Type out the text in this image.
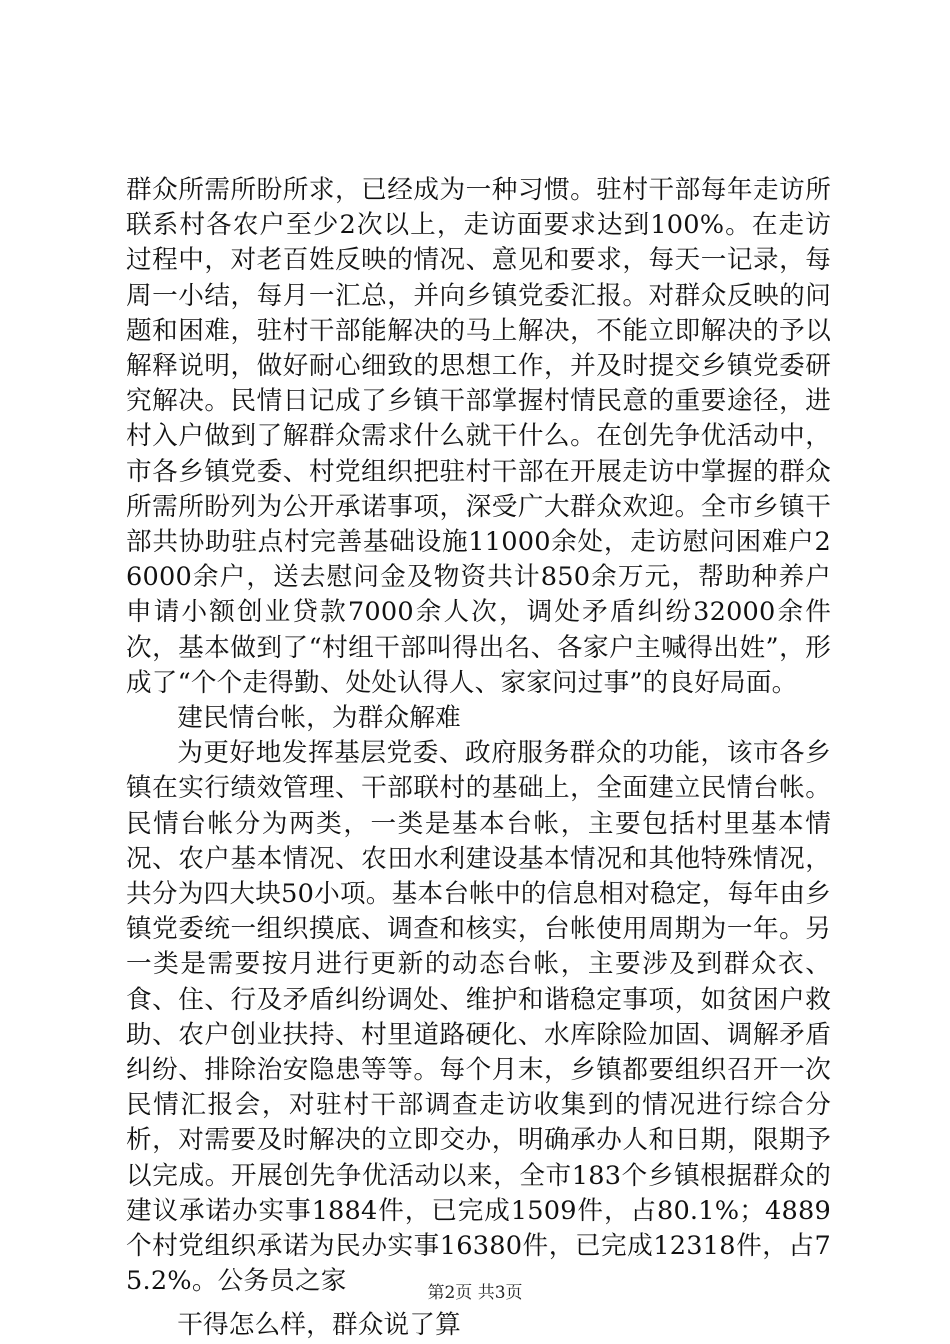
群众所需所盼所求，已经成为一种习惯。驻村干部每年走访所联系村各农户至少2次以上，走访面要求达到100%。在走访过程中，对老百姓反映的情况、意见和要求，每天一记录，每周一小结，每月一汇总，并向乡镇党委汇报。对群众反映的问题和困难，驻村干部能解决的马上解决，不能立即解决的予以解释说明，做好耐心细致的思想工作，并及时提交乡镇党委研究解决。民情日记成了乡镇干部掌握村情民意的重要途径，进村入户做到了解群众需求什么就干什么。在创先争优活动中，市各乡镇党委、村党组织把驻村干部在开展走访中掌握的群众所需所盼列为公开承诺事项，深受广大群众欢迎。全市乡镇干部共协助驻点村完善基础设施11000余处，走访慰问困难户26000余户，送去慰问金及物资共计850余万元，帮助种养户申请小额创业贷款7000余人次，调处矛盾纠纷32000余件次，基本做到了“村组干部叫得出名、各家户主喊得出姓”，形成了“个个走得勤、处处认得人、家家问过事”的良好局面。

建民情台帐，为群众解难

为更好地发挥基层党委、政府服务群众的功能，该市各乡镇在实行绩效管理、干部联村的基础上，全面建立民情台帐。民情台帐分为两类，一类是基本台帐，主要包括村里基本情况、农户基本情况、农田水利建设基本情况和其他特殊情况，共分为四大块50小项。基本台帐中的信息相对稳定，每年由乡镇党委统一组织摸底、调查和核实，台帐使用周期为一年。另一类是需要按月进行更新的动态台帐，主要涉及到群众衣、食、住、行及矛盾纠纷调处、维护和谐稳定事项，如贫困户救助、农户创业扶持、村里道路硬化、水库除险加固、调解矛盾纠纷、排除治安隐患等等。每个月末，乡镇都要组织召开一次民情汇报会，对驻村干部调查走访收集到的情况进行综合分析，对需要及时解决的立即交办，明确承办人和日期，限期予以完成。开展创先争优活动以来，全市183个乡镇根据群众的建议承诺办实事1884件，已完成1509件，占80.1%；4889个村党组织承诺为民办实事16380件，已完成12318件，占75.2%。公务员之家

干得怎么样，群众说了算

第2页 共3页
